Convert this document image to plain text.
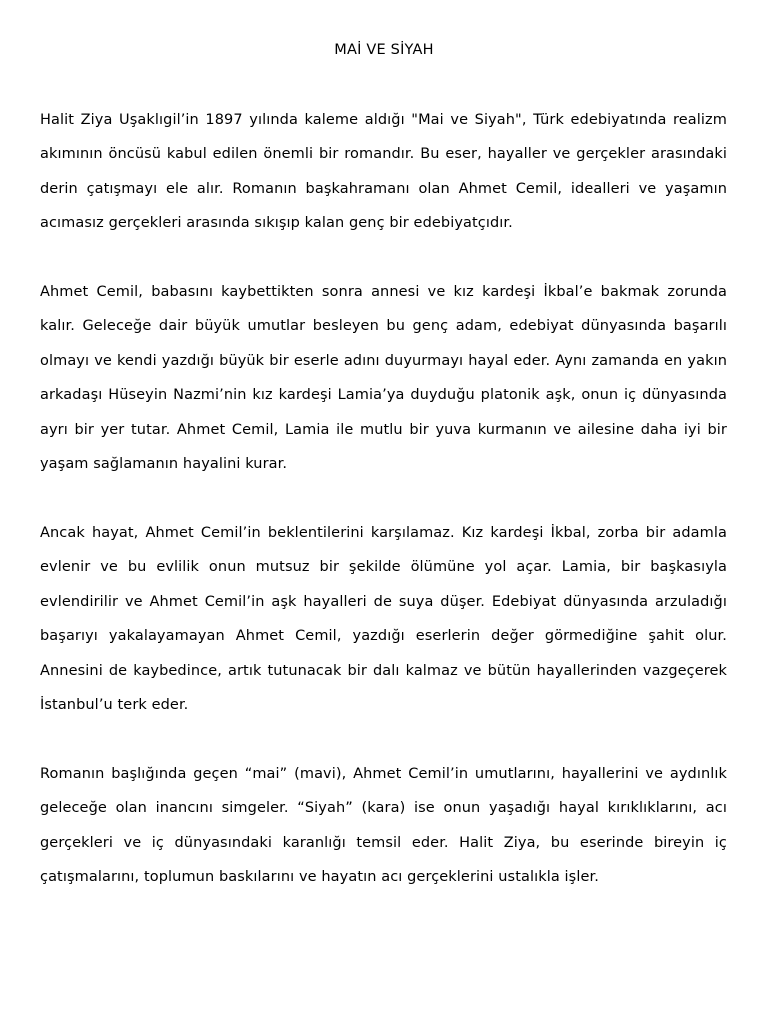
MAİ VE SİYAH

Halit Ziya Uşaklıgil’in 1897 yılında kaleme aldığı "Mai ve Siyah", Türk edebiyatında realizm akımının öncüsü kabul edilen önemli bir romandır. Bu eser, hayaller ve gerçekler arasındaki derin çatışmayı ele alır. Romanın başkahramanı olan Ahmet Cemil, idealleri ve yaşamın acımasız gerçekleri arasında sıkışıp kalan genç bir edebiyatçıdır.

Ahmet Cemil, babasını kaybettikten sonra annesi ve kız kardeşi İkbal’e bakmak zorunda kalır. Geleceğe dair büyük umutlar besleyen bu genç adam, edebiyat dünyasında başarılı olmayı ve kendi yazdığı büyük bir eserle adını duyurmayı hayal eder. Aynı zamanda en yakın arkadaşı Hüseyin Nazmi’nin kız kardeşi Lamia’ya duyduğu platonik aşk, onun iç dünyasında ayrı bir yer tutar. Ahmet Cemil, Lamia ile mutlu bir yuva kurmanın ve ailesine daha iyi bir yaşam sağlamanın hayalini kurar.

Ancak hayat, Ahmet Cemil’in beklentilerini karşılamaz. Kız kardeşi İkbal, zorba bir adamla evlenir ve bu evlilik onun mutsuz bir şekilde ölümüne yol açar. Lamia, bir başkasıyla evlendirilir ve Ahmet Cemil’in aşk hayalleri de suya düşer. Edebiyat dünyasında arzuladığı başarıyı yakalayamayan Ahmet Cemil, yazdığı eserlerin değer görmediğine şahit olur. Annesini de kaybedince, artık tutunacak bir dalı kalmaz ve bütün hayallerinden vazgeçerek İstanbul’u terk eder.

Romanın başlığında geçen “mai” (mavi), Ahmet Cemil’in umutlarını, hayallerini ve aydınlık geleceğe olan inancını simgeler. “Siyah” (kara) ise onun yaşadığı hayal kırıklıklarını, acı gerçekleri ve iç dünyasındaki karanlığı temsil eder. Halit Ziya, bu eserinde bireyin iç çatışmalarını, toplumun baskılarını ve hayatın acı gerçeklerini ustalıkla işler.
